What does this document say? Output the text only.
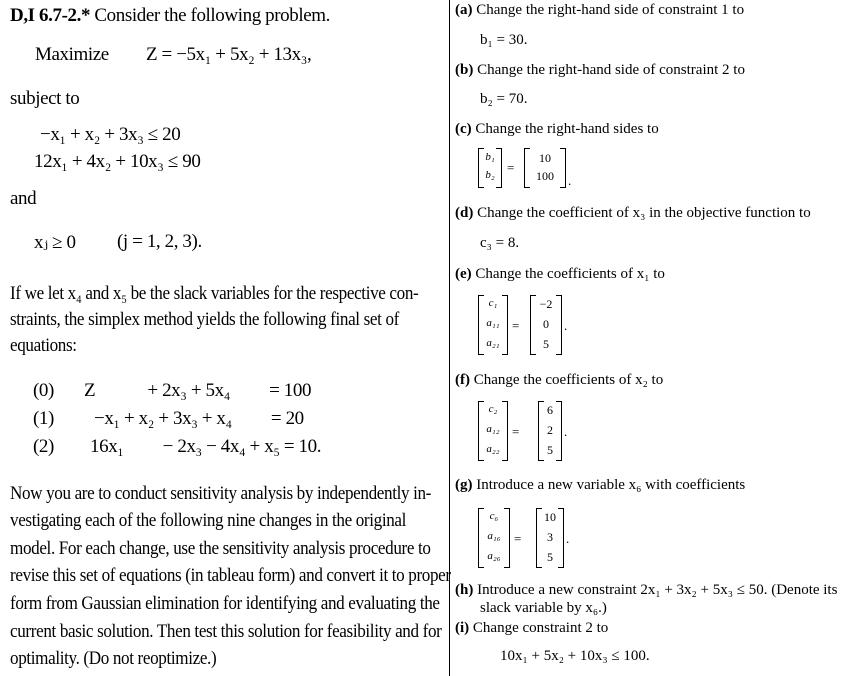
D,I 6.7-2.* Consider the following problem.
Maximize Z = −5x₁ + 5x₂ + 13x₃,
subject to
−x₁ + x₂ + 3x₃ ≤ 20
12x₁ + 4x₂ + 10x₃ ≤ 90
and
xⱼ ≥ 0 (j = 1, 2, 3).
If we let x₄ and x₅ be the slack variables for the respective con-
straints, the simplex method yields the following final set of
equations:
(0) Z            + 2x₃ + 5x₄         = 100
(1) −x₁ + x₂ + 3x₃ + x₄         = 20
(2) 16x₁         − 2x₃ − 4x₄ + x₅ = 10.
Now you are to conduct sensitivity analysis by independently in-
vestigating each of the following nine changes in the original
model. For each change, use the sensitivity analysis procedure to
revise this set of equations (in tableau form) and convert it to proper
form from Gaussian elimination for identifying and evaluating the
current basic solution. Then test this solution for feasibility and for
optimality. (Do not reoptimize.)
(a) Change the right-hand side of constraint 1 to
b₁ = 30.
(b) Change the right-hand side of constraint 2 to
b₂ = 70.
(c) Change the right-hand sides to
b₁
b₂ =
10
100	.
(d) Change the coefficient of x₃ in the objective function to
c₃ = 8.
(e) Change the coefficients of x₁ to
c₁
a₁₁
a₂₁
=
−2
0
5
.
(f) Change the coefficients of x₂ to
c₂
a₁₂
a₂₂
=
6
2
5
.
(g) Introduce a new variable x₆ with coefficients
c₆
a₁₆
a₂₆
=
10
3
5
.
(h) Introduce a new constraint 2x₁ + 3x₂ + 5x₃ ≤ 50. (Denote its
slack variable by x₆.)
(i) Change constraint 2 to
10x₁ + 5x₂ + 10x₃ ≤ 100.
